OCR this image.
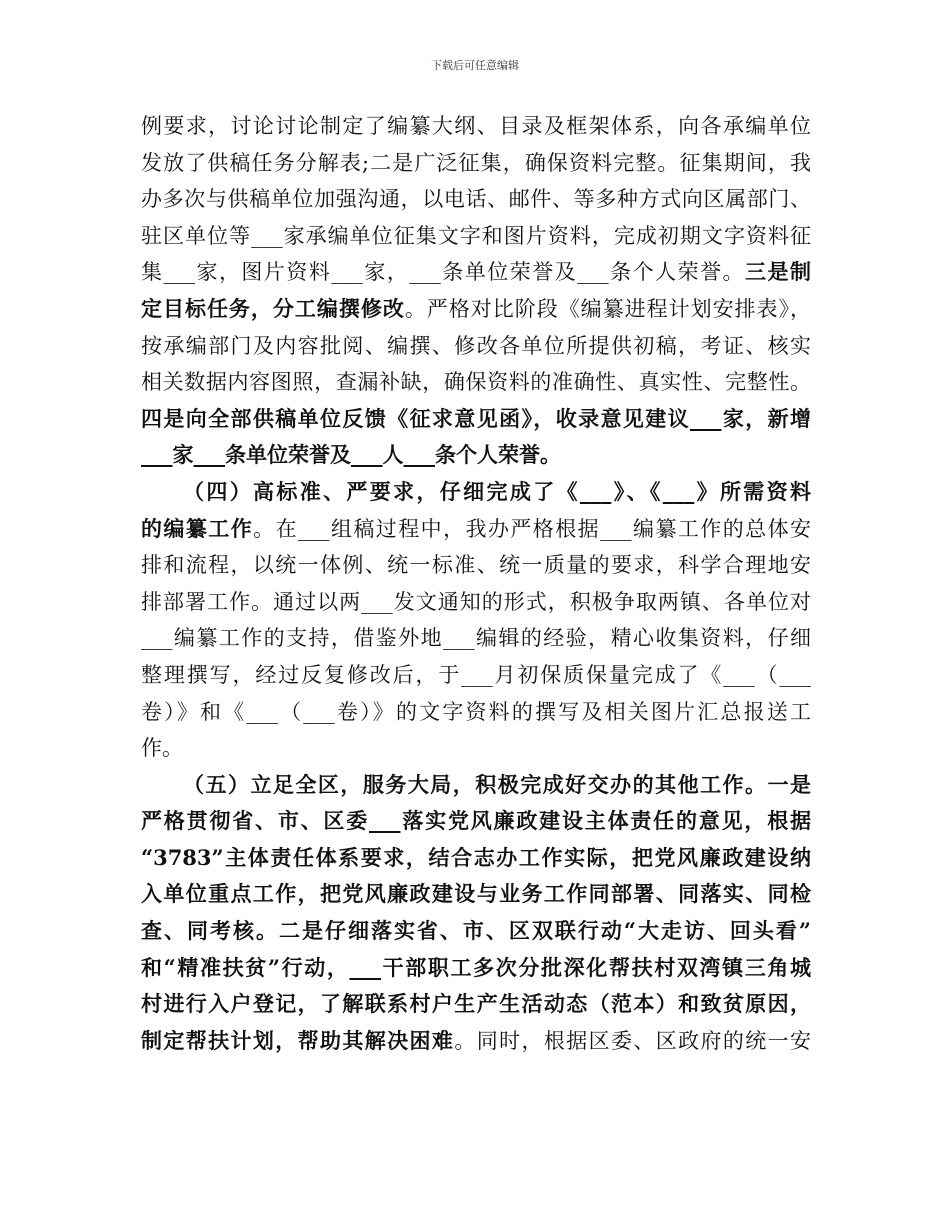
下载后可任意编辑
例要求，讨论讨论制定了编纂大纲、目录及框架体系，向各承编单位
发放了供稿任务分解表;二是广泛征集，确保资料完整。征集期间，我
办多次与供稿单位加强沟通，以电话、邮件、等多种方式向区属部门、
驻区单位等___家承编单位征集文字和图片资料，完成初期文字资料征
集___家，图片资料___家，___条单位荣誉及___条个人荣誉。三是制
定目标任务，分工编撰修改。严格对比阶段《编纂进程计划安排表》，
按承编部门及内容批阅、编撰、修改各单位所提供初稿，考证、核实
相关数据内容图照，查漏补缺，确保资料的准确性、真实性、完整性。
四是向全部供稿单位反馈《征求意见函》，收录意见建议___家，新增
___家___条单位荣誉及___人___条个人荣誉。
（四）高标准、严要求，仔细完成了《___》、《___》所需资料
的编纂工作。在___组稿过程中，我办严格根据___编纂工作的总体安
排和流程，以统一体例、统一标准、统一质量的要求，科学合理地安
排部署工作。通过以两___发文通知的形式，积极争取两镇、各单位对
___编纂工作的支持，借鉴外地___编辑的经验，精心收集资料，仔细
整理撰写，经过反复修改后，于___月初保质保量完成了《___（___
卷）》和《___（___卷）》的文字资料的撰写及相关图片汇总报送工
作。
（五）立足全区，服务大局，积极完成好交办的其他工作。一是
严格贯彻省、市、区委___落实党风廉政建设主体责任的意见，根据
“3783”主体责任体系要求，结合志办工作实际，把党风廉政建设纳
入单位重点工作，把党风廉政建设与业务工作同部署、同落实、同检
查、同考核。二是仔细落实省、市、区双联行动“大走访、回头看”
和“精准扶贫”行动，___干部职工多次分批深化帮扶村双湾镇三角城
村进行入户登记，了解联系村户生产生活动态（范本）和致贫原因，
制定帮扶计划，帮助其解决困难。同时，根据区委、区政府的统一安
